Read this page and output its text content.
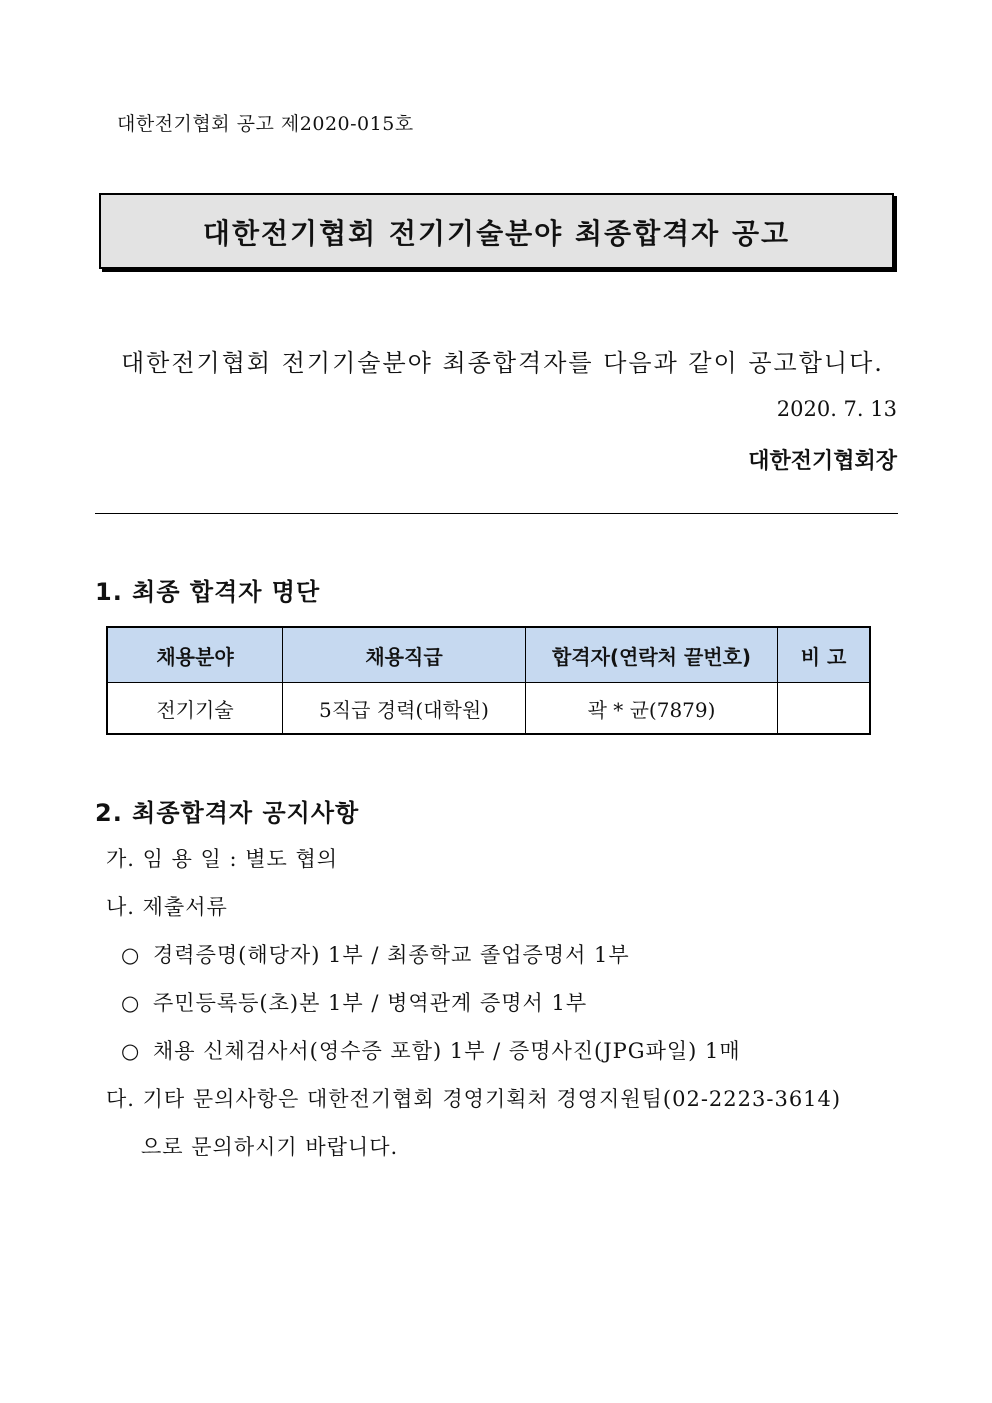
대한전기협회 공고 제2020-015호
대한전기협회 전기기술분야 최종합격자 공고
대한전기협회 전기기술분야 최종합격자를 다음과 같이 공고합니다.
2020. 7. 13
대한전기협회장
1. 최종 합격자 명단
채용분야	채용직급	합격자(연락처 끝번호)	비 고
전기기술	5직급 경력(대학원)	곽 * 균(7879)	
2. 최종합격자 공지사항
가. 임 용 일 : 별도 협의
나. 제출서류
○ 경력증명(해당자) 1부 / 최종학교 졸업증명서 1부
○ 주민등록등(초)본 1부 / 병역관계 증명서 1부
○ 채용 신체검사서(영수증 포함) 1부 / 증명사진(JPG파일) 1매
다. 기타 문의사항은 대한전기협회 경영기획처 경영지원팀(02-2223-3614)
으로 문의하시기 바랍니다.
